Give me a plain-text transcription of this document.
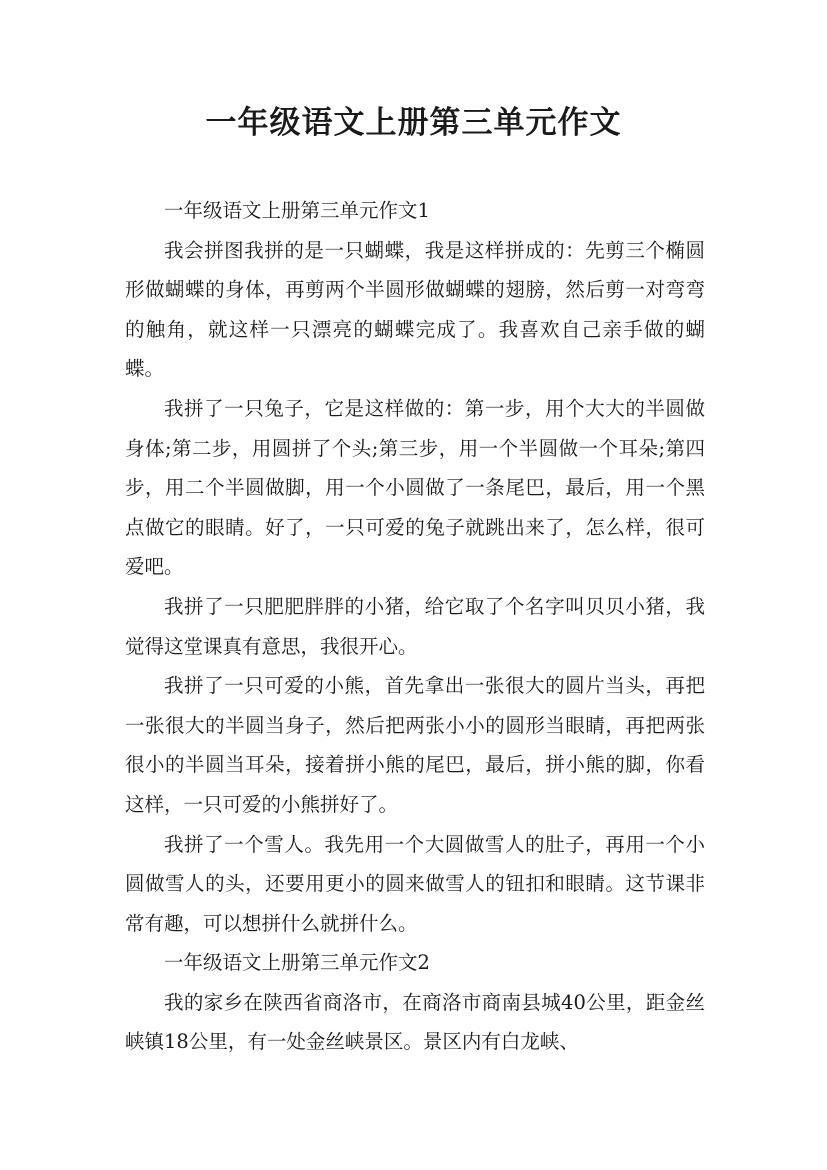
一年级语文上册第三单元作文

一年级语文上册第三单元作文1

我会拼图我拼的是一只蝴蝶，我是这样拼成的：先剪三个椭圆形做蝴蝶的身体，再剪两个半圆形做蝴蝶的翅膀，然后剪一对弯弯的触角，就这样一只漂亮的蝴蝶完成了。我喜欢自己亲手做的蝴蝶。

我拼了一只兔子，它是这样做的：第一步，用个大大的半圆做身体;第二步，用圆拼了个头;第三步，用一个半圆做一个耳朵;第四步，用二个半圆做脚，用一个小圆做了一条尾巴，最后，用一个黑点做它的眼睛。好了，一只可爱的兔子就跳出来了，怎么样，很可爱吧。

我拼了一只肥肥胖胖的小猪，给它取了个名字叫贝贝小猪，我觉得这堂课真有意思，我很开心。

我拼了一只可爱的小熊，首先拿出一张很大的圆片当头，再把一张很大的半圆当身子，然后把两张小小的圆形当眼睛，再把两张很小的半圆当耳朵，接着拼小熊的尾巴，最后，拼小熊的脚，你看这样，一只可爱的小熊拼好了。

我拼了一个雪人。我先用一个大圆做雪人的肚子，再用一个小圆做雪人的头，还要用更小的圆来做雪人的钮扣和眼睛。这节课非常有趣，可以想拼什么就拼什么。

一年级语文上册第三单元作文2

我的家乡在陕西省商洛市，在商洛市商南县城40公里，距金丝峡镇18公里，有一处金丝峡景区。景区内有白龙峡、
